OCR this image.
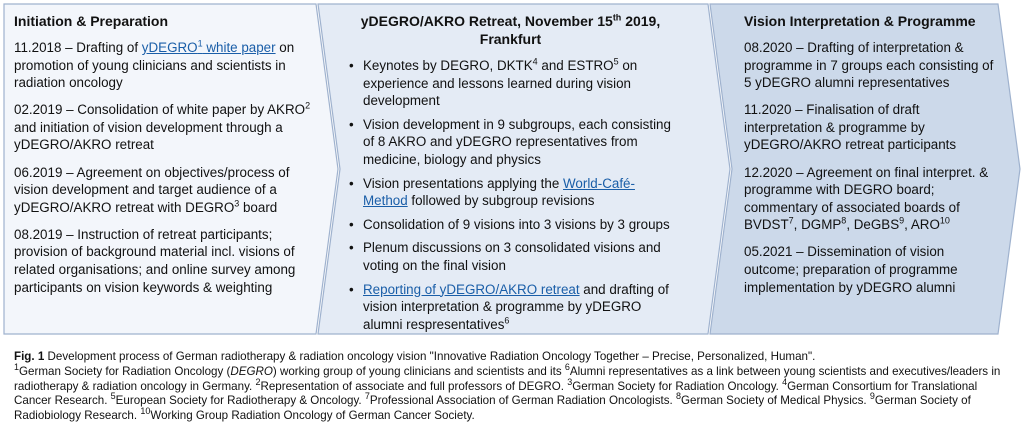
Initiation & Preparation
11.2018 – Drafting of yDEGRO$^1$ white paper on promotion of young clinicians and scientists in radiation oncology
02.2019 – Consolidation of white paper by AKRO$^2$ and initiation of vision development through a yDEGRO/AKRO retreat
06.2019 – Agreement on objectives/process of vision development and target audience of a yDEGRO/AKRO retreat with DEGRO$^3$ board
08.2019 – Instruction of retreat participants; provision of background material incl. visions of related organisations; and online survey among participants on vision keywords & weighting
yDEGRO/AKRO Retreat, November 15th 2019, Frankfurt
• Keynotes by DEGRO, DKTK$^4$ and ESTRO$^5$ on experience and lessons learned during vision development
• Vision development in 9 subgroups, each consisting of 8 AKRO and yDEGRO representatives from medicine, biology and physics
• Vision presentations applying the World-Café-Method followed by subgroup revisions
• Consolidation of 9 visions into 3 visions by 3 groups
• Plenum discussions on 3 consolidated visions and voting on the final vision
• Reporting of yDEGRO/AKRO retreat and drafting of vision interpretation & programme by yDEGRO alumni respresentatives$^6$
Vision Interpretation & Programme
08.2020 – Drafting of interpretation & programme in 7 groups each consisting of 5 yDEGRO alumni representatives
11.2020 – Finalisation of draft interpretation & programme by yDEGRO/AKRO retreat participants
12.2020 – Agreement on final interpret. & programme with DEGRO board; commentary of associated boards of BVDST$^7$, DGMP$^8$, DeGBS$^9$, ARO$^{10}$
05.2021 – Dissemination of vision outcome; preparation of programme implementation by yDEGRO alumni
Fig. 1 Development process of German radiotherapy & radiation oncology vision "Innovative Radiation Oncology Together – Precise, Personalized, Human".
$^1$German Society for Radiation Oncology (DEGRO) working group of young clinicians and scientists and its $^6$Alumni representatives as a link between young scientists and executives/leaders in radiotherapy & radiation oncology in Germany. $^2$Representation of associate and full professors of DEGRO. $^3$German Society for Radiation Oncology. $^4$German Consortium for Translational Cancer Research. $^5$European Society for Radiotherapy & Oncology. $^7$Professional Association of German Radiation Oncologists. $^8$German Society of Medical Physics. $^9$German Society of Radiobiology Research. $^{10}$Working Group Radiation Oncology of German Cancer Society.
